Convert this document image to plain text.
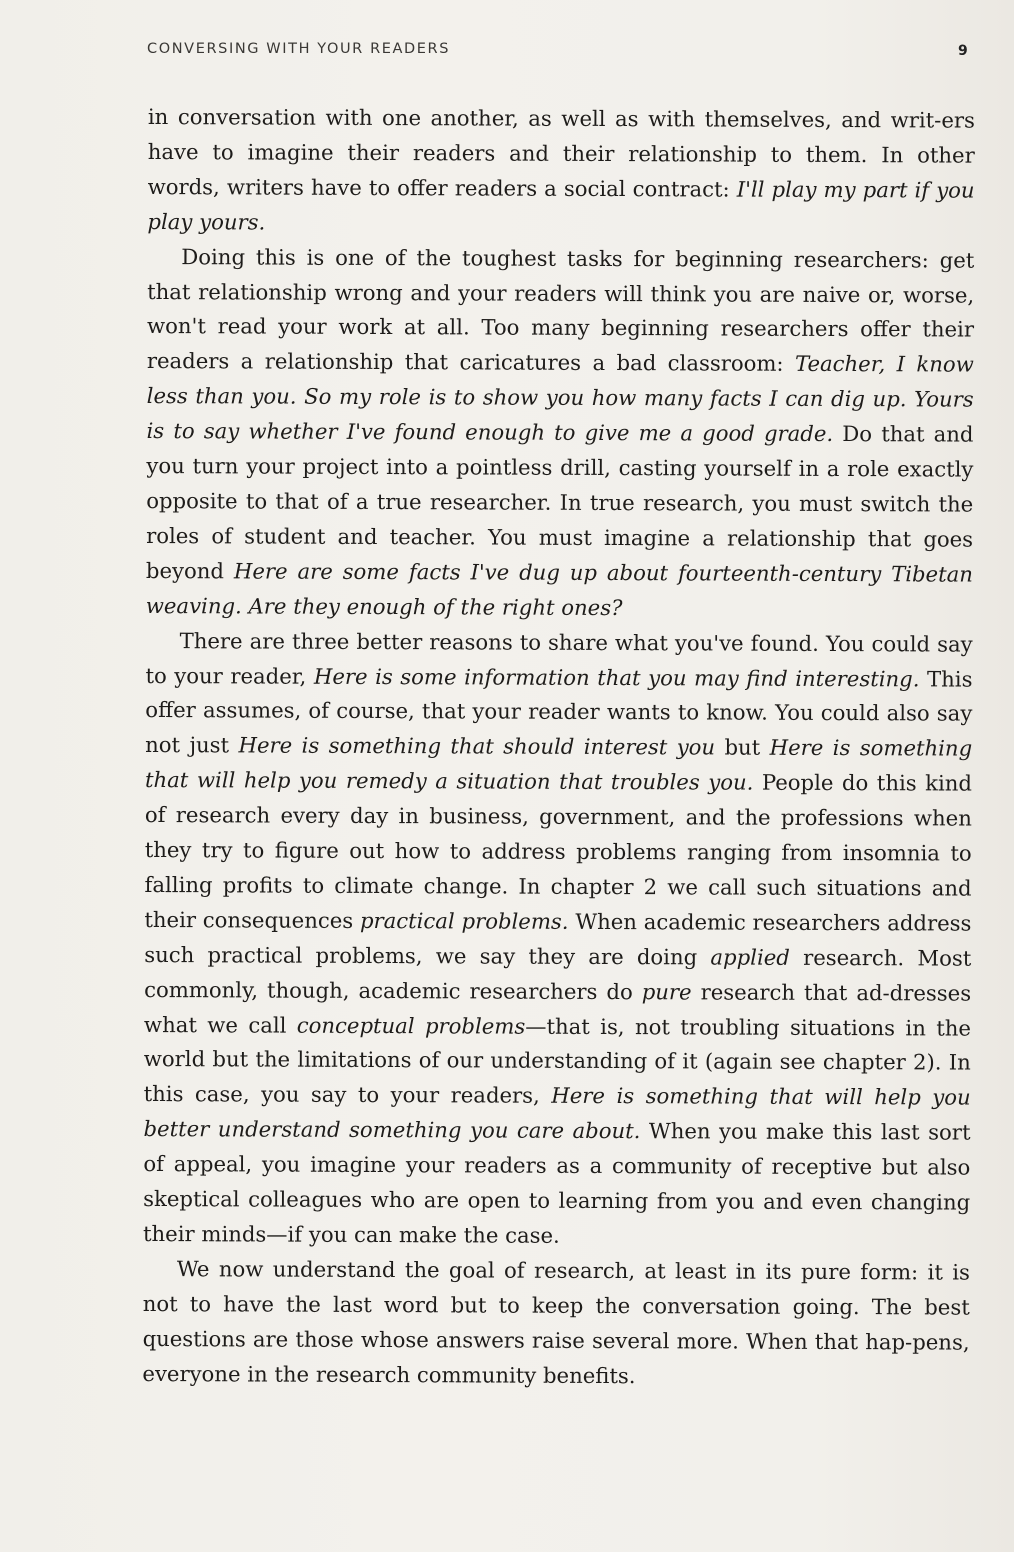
CONVERSING WITH YOUR READERS	9

in conversation with one another, as well as with themselves, and writ-ers have to imagine their readers and their relationship to them. In other words, writers have to offer readers a social contract: I'll play my part if you play yours.

Doing this is one of the toughest tasks for beginning researchers: get that relationship wrong and your readers will think you are naive or, worse, won't read your work at all. Too many beginning researchers offer their readers a relationship that caricatures a bad classroom: Teacher, I know less than you. So my role is to show you how many facts I can dig up. Yours is to say whether I've found enough to give me a good grade. Do that and you turn your project into a pointless drill, casting yourself in a role exactly opposite to that of a true researcher. In true research, you must switch the roles of student and teacher. You must imagine a relationship that goes beyond Here are some facts I've dug up about fourteenth-century Tibetan weaving. Are they enough of the right ones?

There are three better reasons to share what you've found. You could say to your reader, Here is some information that you may find interesting. This offer assumes, of course, that your reader wants to know. You could also say not just Here is something that should interest you but Here is something that will help you remedy a situation that troubles you. People do this kind of research every day in business, government, and the professions when they try to figure out how to address problems ranging from insomnia to falling profits to climate change. In chapter 2 we call such situations and their consequences practical problems. When academic researchers address such practical problems, we say they are doing applied research. Most commonly, though, academic researchers do pure research that ad-dresses what we call conceptual problems—that is, not troubling situations in the world but the limitations of our understanding of it (again see chapter 2). In this case, you say to your readers, Here is something that will help you better understand something you care about. When you make this last sort of appeal, you imagine your readers as a community of receptive but also skeptical colleagues who are open to learning from you and even changing their minds—if you can make the case.

We now understand the goal of research, at least in its pure form: it is not to have the last word but to keep the conversation going. The best questions are those whose answers raise several more. When that hap-pens, everyone in the research community benefits.
